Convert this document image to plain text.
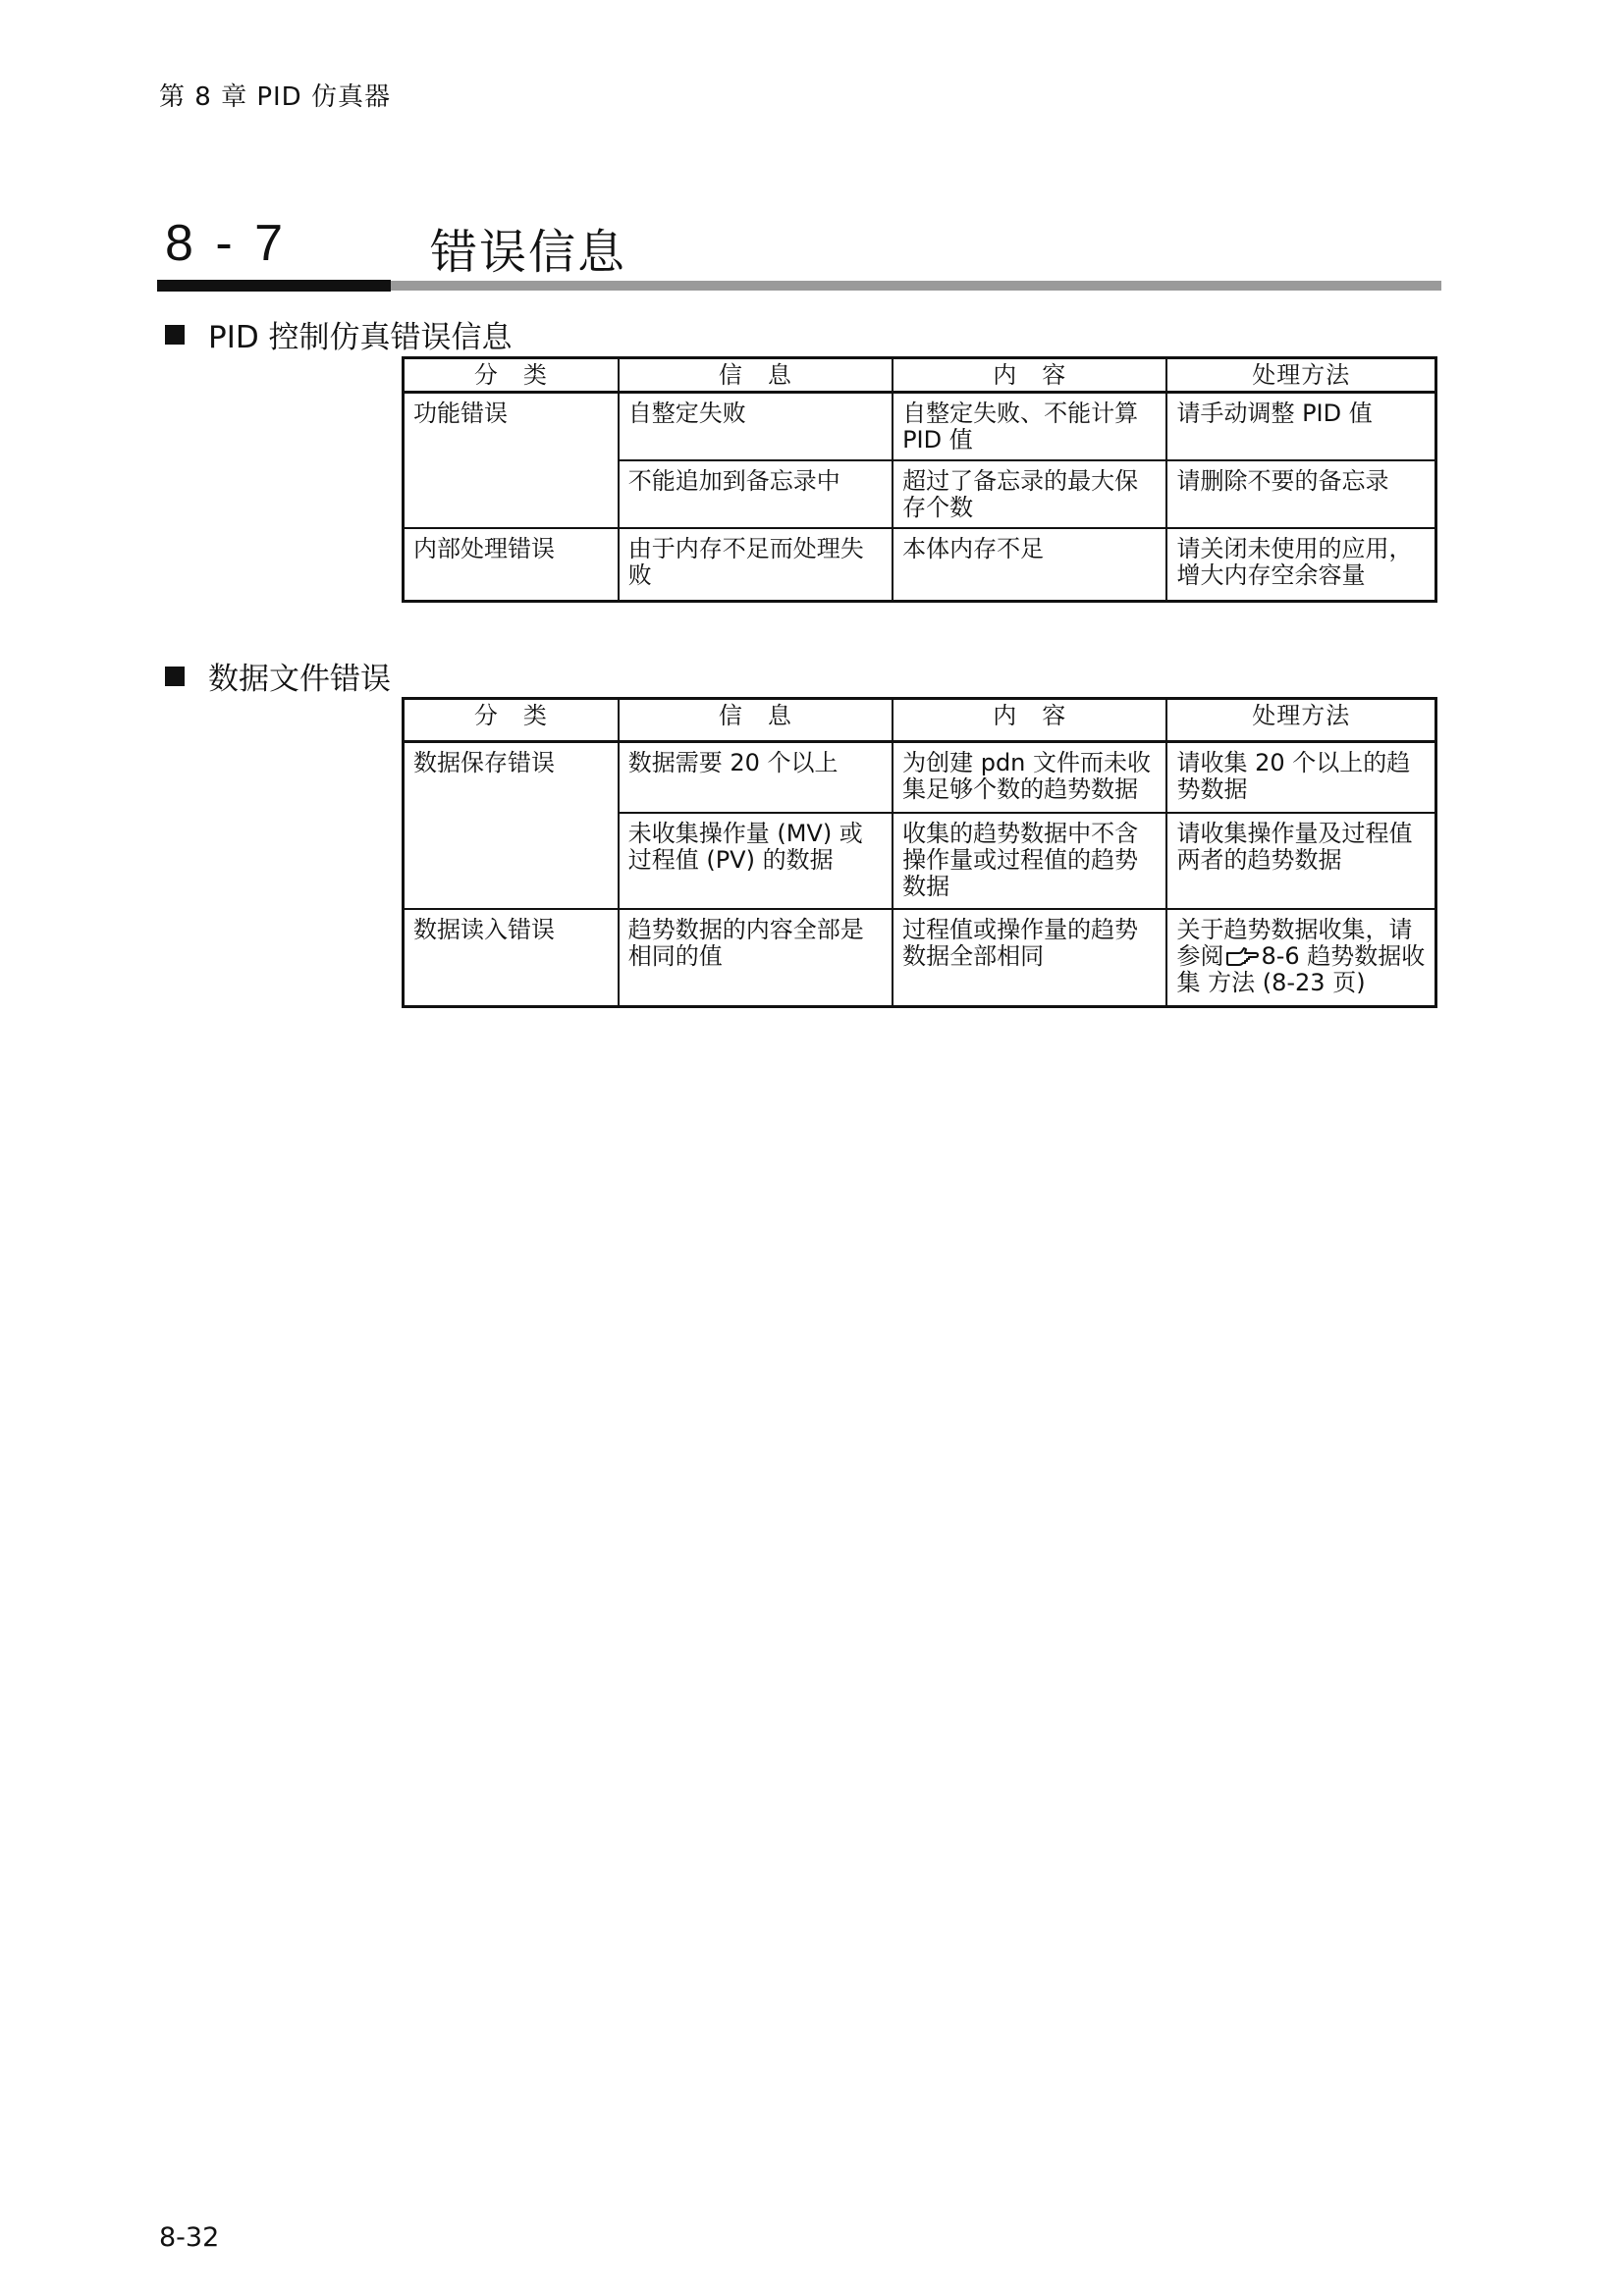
第 8 章 PID 仿真器
8 - 7	错误信息
PID 控制仿真错误信息
分　类	信　息	内　容	处理方法
功能错误	自整定失败	自整定失败、不能计算 PID 值	请手动调整 PID 值
	不能追加到备忘录中	超过了备忘录的最大保存个数	请删除不要的备忘录
内部处理错误	由于内存不足而处理失败	本体内存不足	请关闭未使用的应用，增大内存空余容量
数据文件错误
分　类	信　息	内　容	处理方法
数据保存错误	数据需要 20 个以上	为创建 pdn 文件而未收集足够个数的趋势数据	请收集 20 个以上的趋势数据
	未收集操作量 (MV) 或过程值 (PV) 的数据	收集的趋势数据中不含操作量或过程值的趋势数据	请收集操作量及过程值两者的趋势数据
数据读入错误	趋势数据的内容全部是相同的值	过程值或操作量的趋势数据全部相同	关于趋势数据收集，请参阅 8-6 趋势数据收集 方法 (8-23 页)
8-32
